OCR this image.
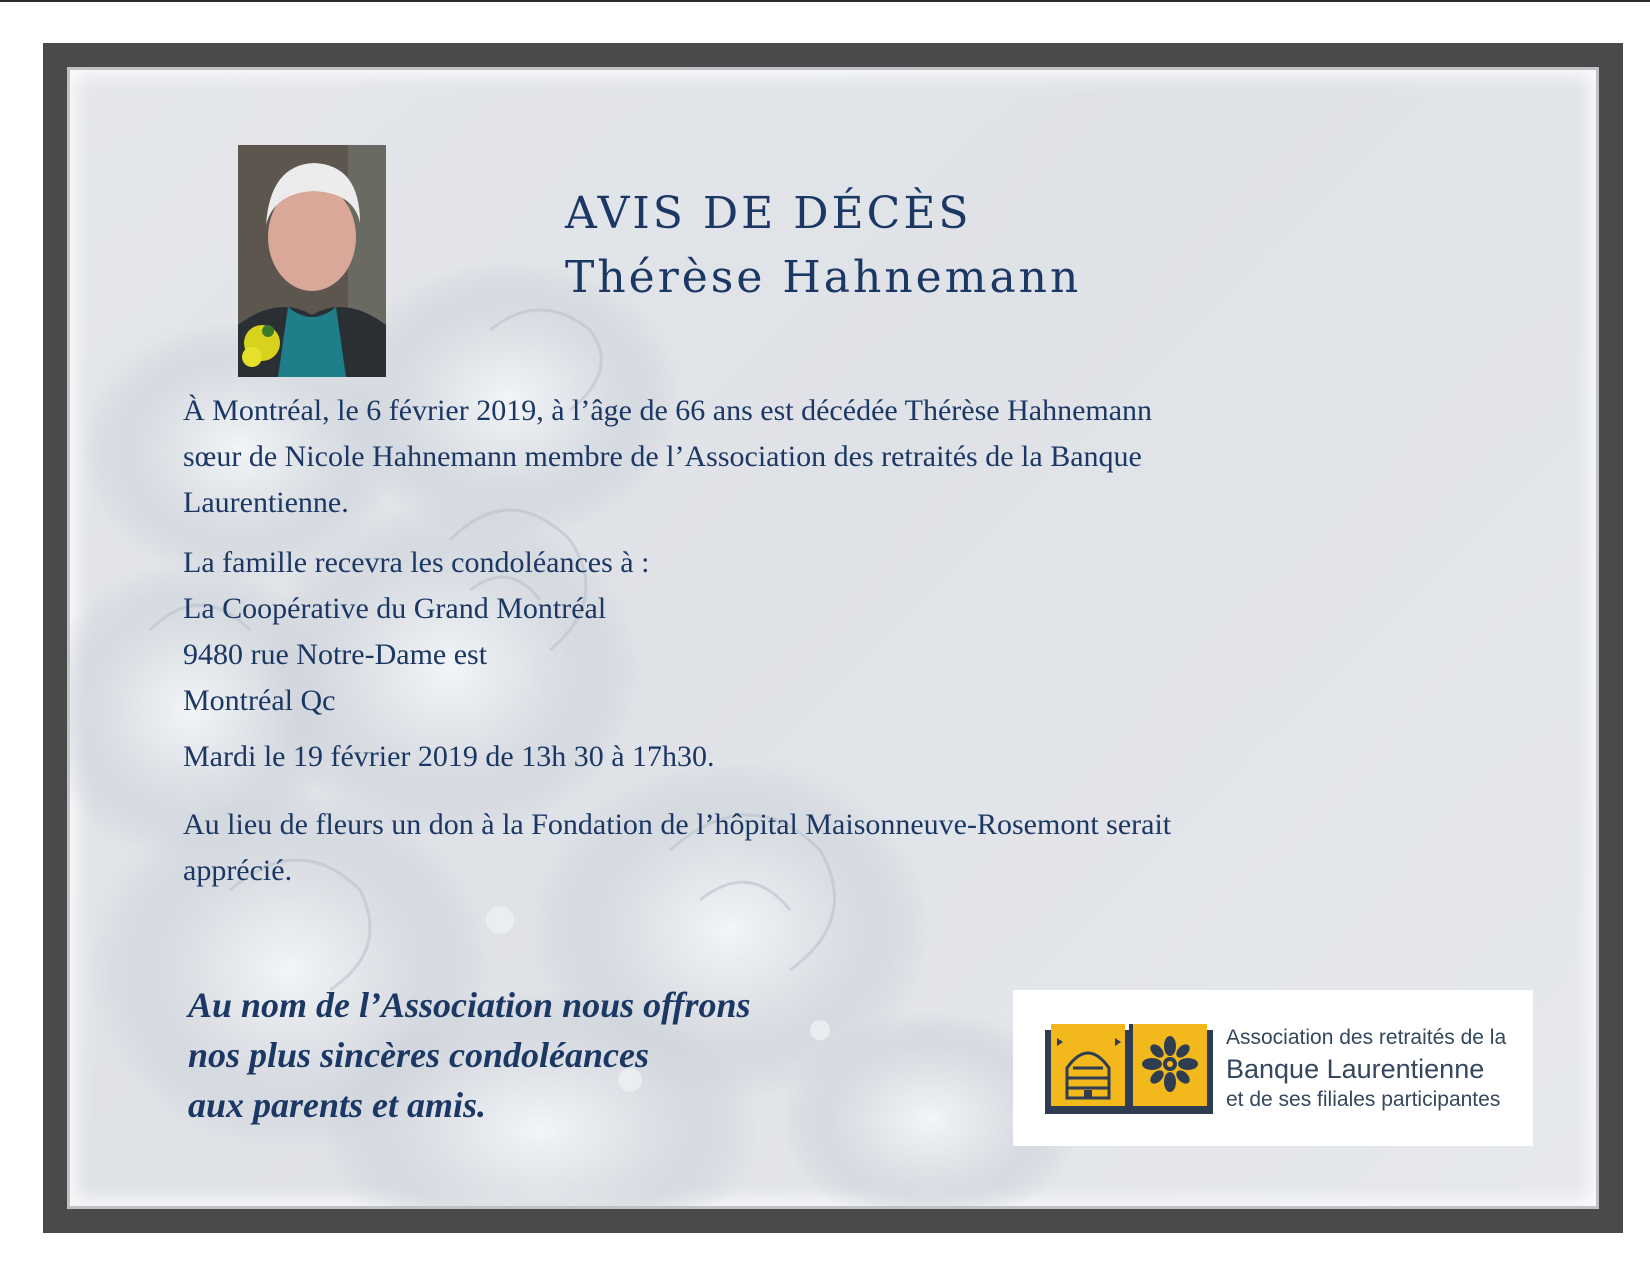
AVIS DE DÉCÈS
Thérèse Hahnemann
À Montréal, le 6 février 2019, à l’âge de 66 ans est décédée Thérèse Hahnemann
sœur de Nicole Hahnemann membre de l’Association des retraités de la Banque
Laurentienne.
La famille recevra les condoléances à :
La Coopérative du Grand Montréal
9480 rue Notre-Dame est
Montréal Qc
Mardi le 19 février 2019 de 13h 30 à 17h30.
Au lieu de fleurs un don à la Fondation de l’hôpital Maisonneuve-Rosemont serait
apprécié.
Au nom de l’Association nous offrons
nos plus sincères condoléances
aux parents et amis.
Association des retraités de la
Banque Laurentienne
et de ses filiales participantes
